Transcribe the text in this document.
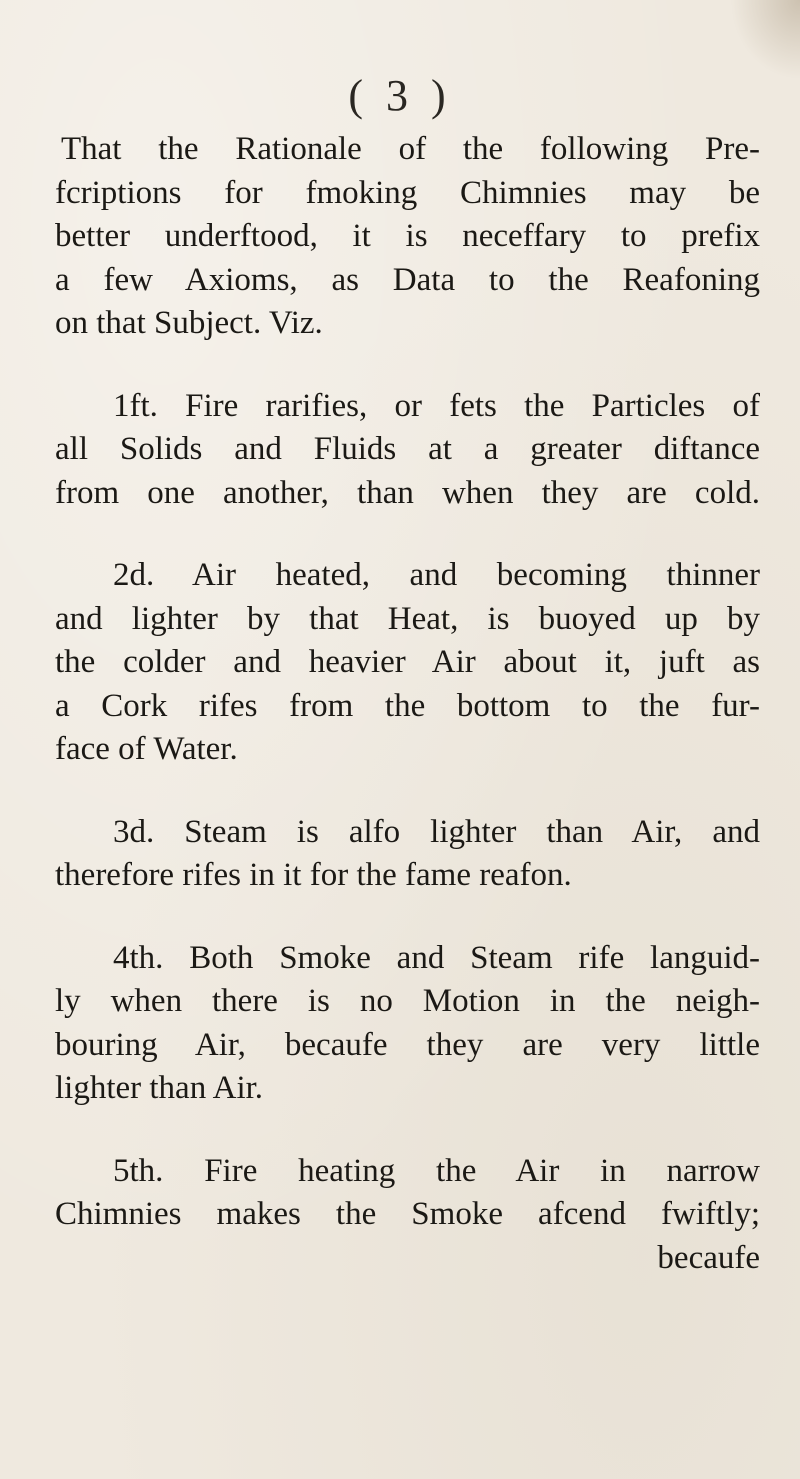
( 3 )
That the Rationale of the following Pre-
fcriptions for fmoking Chimnies may be
better underftood, it is neceffary to prefix
a few Axioms, as Data to the Reafoning
on that Subject. Viz.
1ft. Fire rarifies, or fets the Particles of
all Solids and Fluids at a greater diftance
from one another, than when they are cold.
2d. Air heated, and becoming thinner
and lighter by that Heat, is buoyed up by
the colder and heavier Air about it, juft as
a Cork rifes from the bottom to the fur-
face of Water.
3d. Steam is alfo lighter than Air, and
therefore rifes in it for the fame reafon.
4th. Both Smoke and Steam rife languid-
ly when there is no Motion in the neigh-
bouring Air, becaufe they are very little
lighter than Air.
5th. Fire heating the Air in narrow
Chimnies makes the Smoke afcend fwiftly;
becaufe
